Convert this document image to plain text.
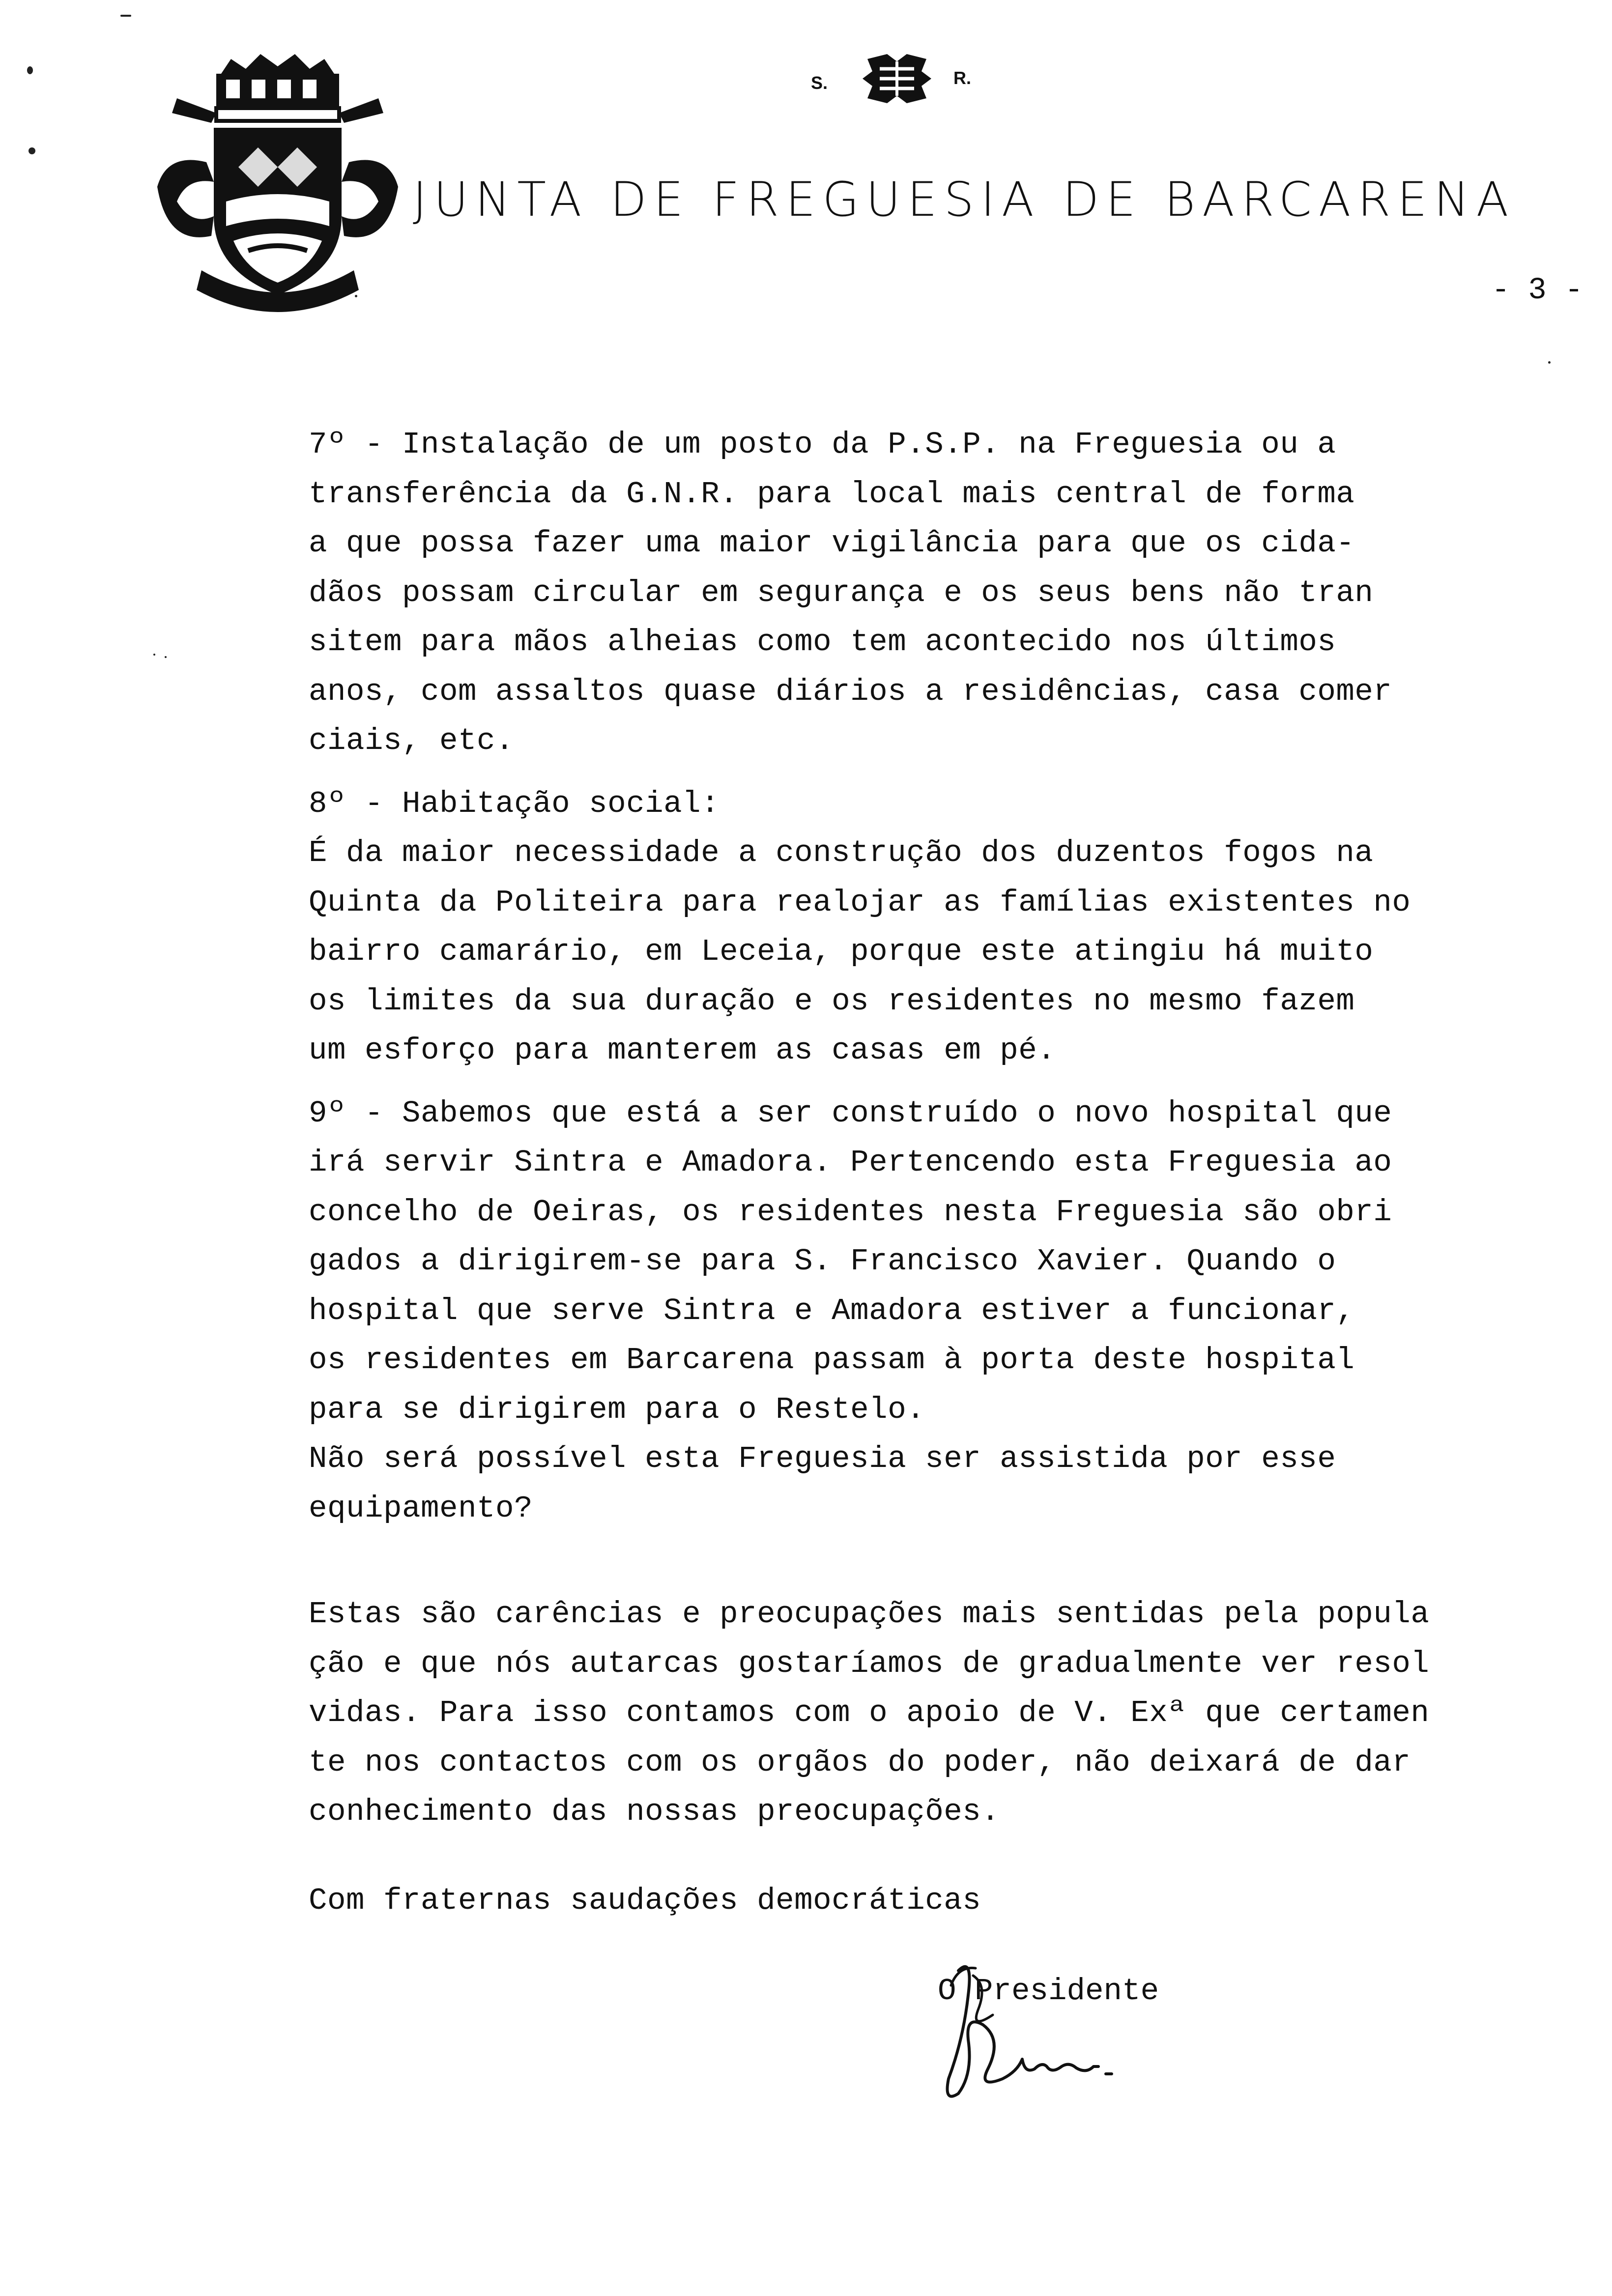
S.	R.
JUNTA DE FREGUESIA DE BARCARENA
- 3 -
7º - Instalação de um posto da P.S.P. na Freguesia ou a
transferência da G.N.R. para local mais central de forma
a que possa fazer uma maior vigilância para que os cida-
dãos possam circular em segurança e os seus bens não tran
sitem para mãos alheias como tem acontecido nos últimos
anos, com assaltos quase diários a residências, casa comer
ciais, etc.
8º - Habitação social:
É da maior necessidade a construção dos duzentos fogos na
Quinta da Politeira para realojar as famílias existentes no
bairro camarário, em Leceia, porque este atingiu há muito
os limites da sua duração e os residentes no mesmo fazem
um esforço para manterem as casas em pé.
9º - Sabemos que está a ser construído o novo hospital que
irá servir Sintra e Amadora. Pertencendo esta Freguesia ao
concelho de Oeiras, os residentes nesta Freguesia são obri
gados a dirigirem-se para S. Francisco Xavier. Quando o
hospital que serve Sintra e Amadora estiver a funcionar,
os residentes em Barcarena passam à porta deste hospital
para se dirigirem para o Restelo.
Não será possível esta Freguesia ser assistida por esse
equipamento?
Estas são carências e preocupações mais sentidas pela popula
ção e que nós autarcas gostaríamos de gradualmente ver resol
vidas. Para isso contamos com o apoio de V. Exª que certamen
te nos contactos com os orgãos do poder, não deixará de dar
conhecimento das nossas preocupações.
Com fraternas saudações democráticas
O Presidente
